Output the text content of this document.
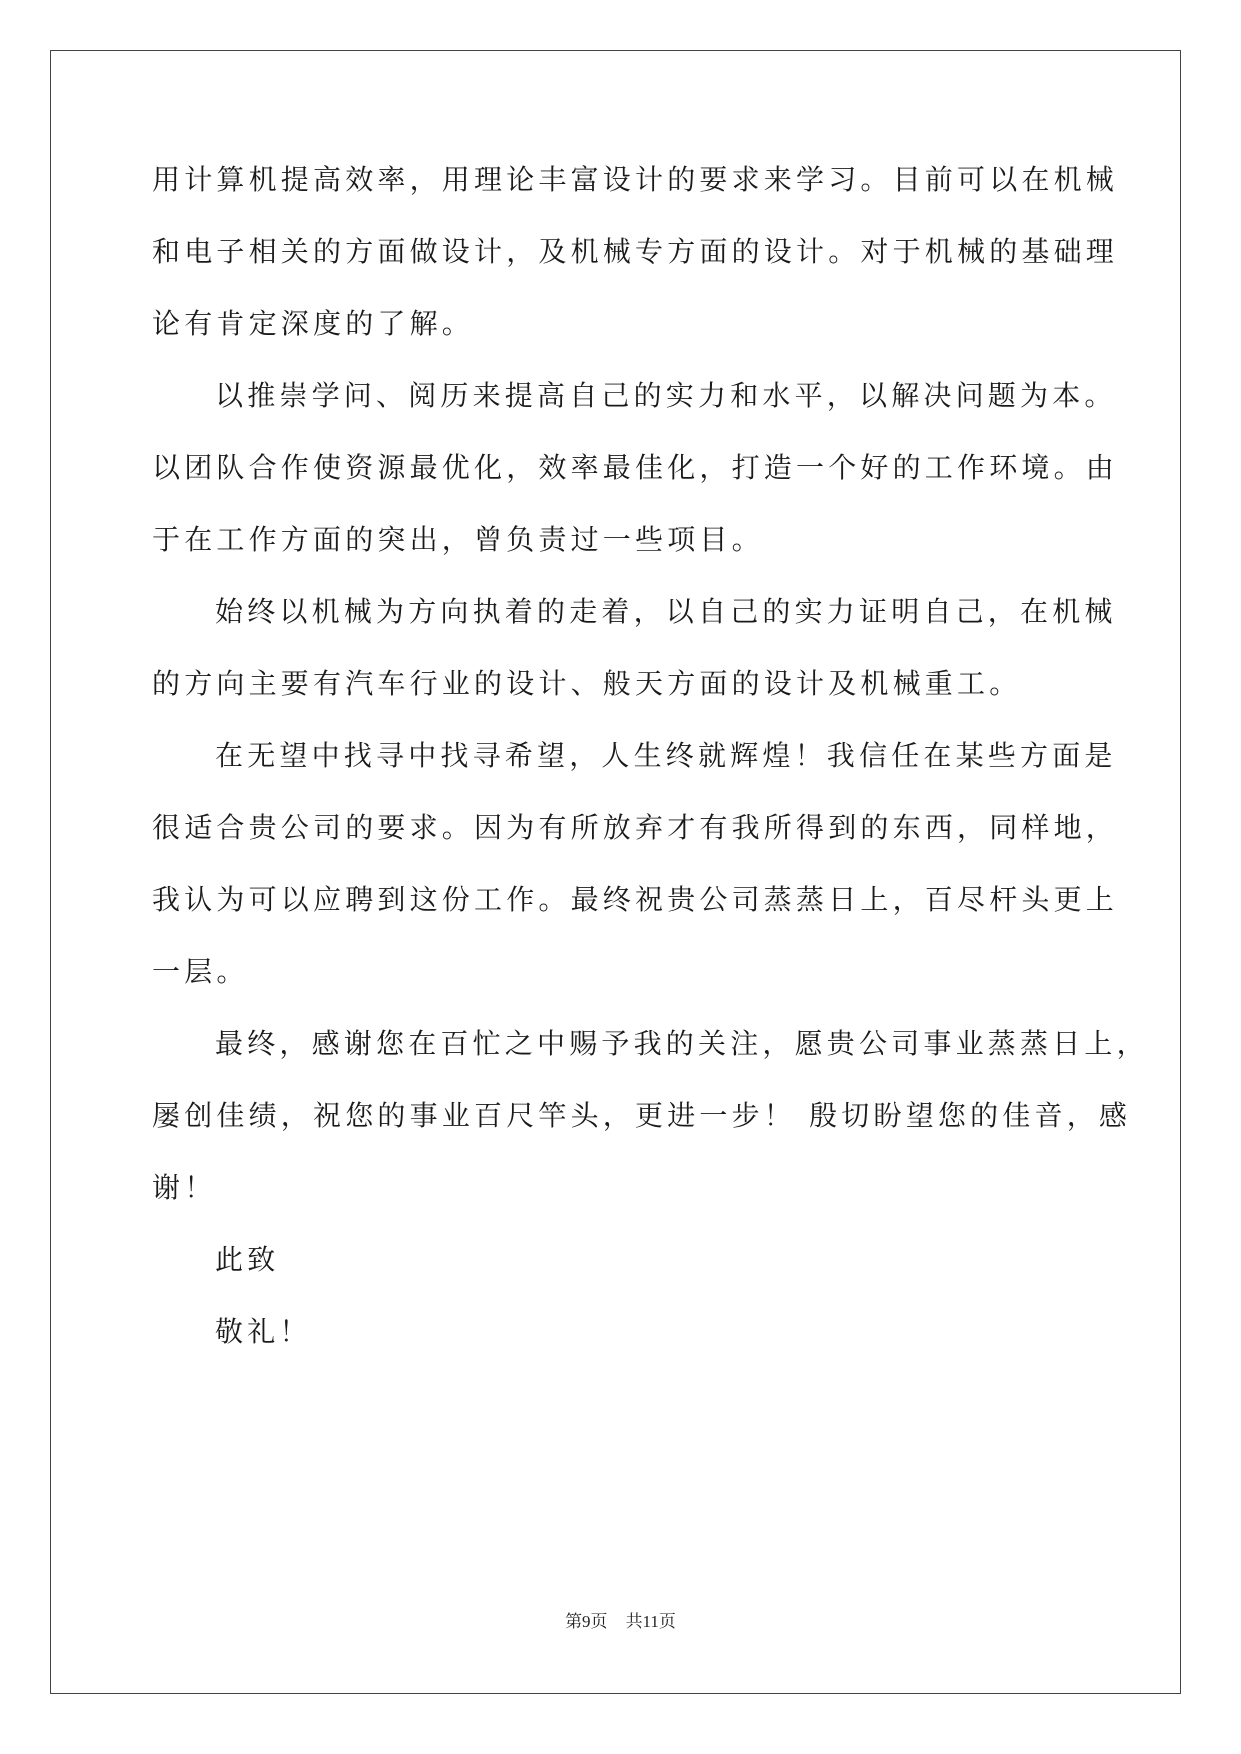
用计算机提高效率，用理论丰富设计的要求来学习。目前可以在机械
和电子相关的方面做设计，及机械专方面的设计。对于机械的基础理
论有肯定深度的了解。
以推崇学问、阅历来提高自己的实力和水平，以解决问题为本。
以团队合作使资源最优化，效率最佳化，打造一个好的工作环境。由
于在工作方面的突出，曾负责过一些项目。
始终以机械为方向执着的走着，以自己的实力证明自己，在机械
的方向主要有汽车行业的设计、般天方面的设计及机械重工。
在无望中找寻中找寻希望，人生终就辉煌！我信任在某些方面是
很适合贵公司的要求。因为有所放弃才有我所得到的东西，同样地，
我认为可以应聘到这份工作。最终祝贵公司蒸蒸日上，百尽杆头更上
一层。
最终，感谢您在百忙之中赐予我的关注，愿贵公司事业蒸蒸日上，
屡创佳绩，祝您的事业百尺竿头，更进一步！ 殷切盼望您的佳音，感
谢！
此致
敬礼！
第9页 共11页
